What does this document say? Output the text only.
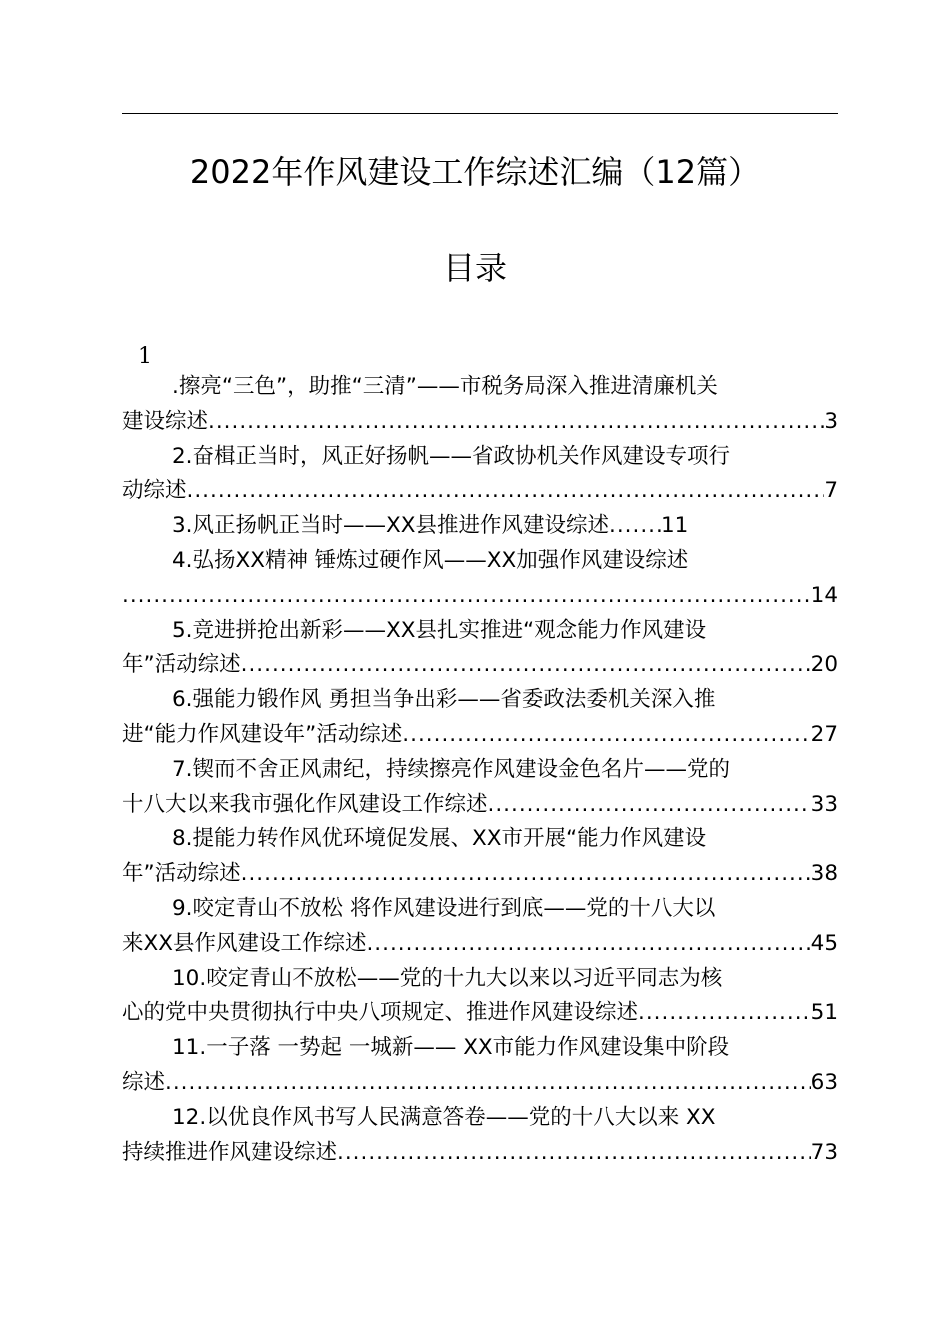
2022年作风建设工作综述汇编（12篇）
目录
1
.擦亮“三色”，助推“三清”——市税务局深入推进清廉机关
建设综述 .....	3
2.奋楫正当时，风正好扬帆——省政协机关作风建设专项行
动综述 .....	7
3.风正扬帆正当时——XX县推进作风建设综述 ..... 11
4.弘扬XX精神 锤炼过硬作风——XX加强作风建设综述
.....
14
5.竞进拼抢出新彩——XX县扎实推进“观念能力作风建设
年”活动综述 .....	20
6.强能力锻作风 勇担当争出彩——省委政法委机关深入推
进“能力作风建设年”活动综述 .....	27
7.锲而不舍正风肃纪，持续擦亮作风建设金色名片——党的
十八大以来我市强化作风建设工作综述 .....	33
8.提能力转作风优环境促发展、XX市开展“能力作风建设
年”活动综述 .....	38
9.咬定青山不放松 将作风建设进行到底——党的十八大以
来XX县作风建设工作综述 .....	45
10.咬定青山不放松——党的十九大以来以习近平同志为核
心的党中央贯彻执行中央八项规定、推进作风建设综述 .....	51
11.一子落 一势起 一城新—— XX市能力作风建设集中阶段
综述 .....	63
12.以优良作风书写人民满意答卷——党的十八大以来 XX
持续推进作风建设综述 .....	73
